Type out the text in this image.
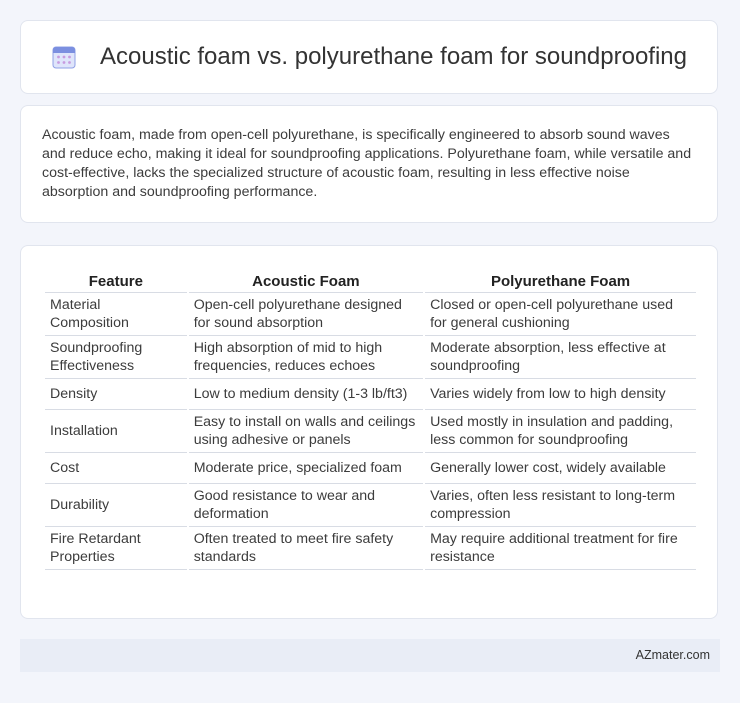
Acoustic foam vs. polyurethane foam for soundproofing

Acoustic foam, made from open-cell polyurethane, is specifically engineered to absorb sound waves and reduce echo, making it ideal for soundproofing applications. Polyurethane foam, while versatile and cost-effective, lacks the specialized structure of acoustic foam, resulting in less effective noise absorption and soundproofing performance.

Feature	Acoustic Foam	Polyurethane Foam
Material Composition	Open-cell polyurethane designed for sound absorption	Closed or open-cell polyurethane used for general cushioning
Soundproofing Effectiveness	High absorption of mid to high frequencies, reduces echoes	Moderate absorption, less effective at soundproofing
Density	Low to medium density (1-3 lb/ft3)	Varies widely from low to high density
Installation	Easy to install on walls and ceilings using adhesive or panels	Used mostly in insulation and padding, less common for soundproofing
Cost	Moderate price, specialized foam	Generally lower cost, widely available
Durability	Good resistance to wear and deformation	Varies, often less resistant to long-term compression
Fire Retardant Properties	Often treated to meet fire safety standards	May require additional treatment for fire resistance
AZmater.com
